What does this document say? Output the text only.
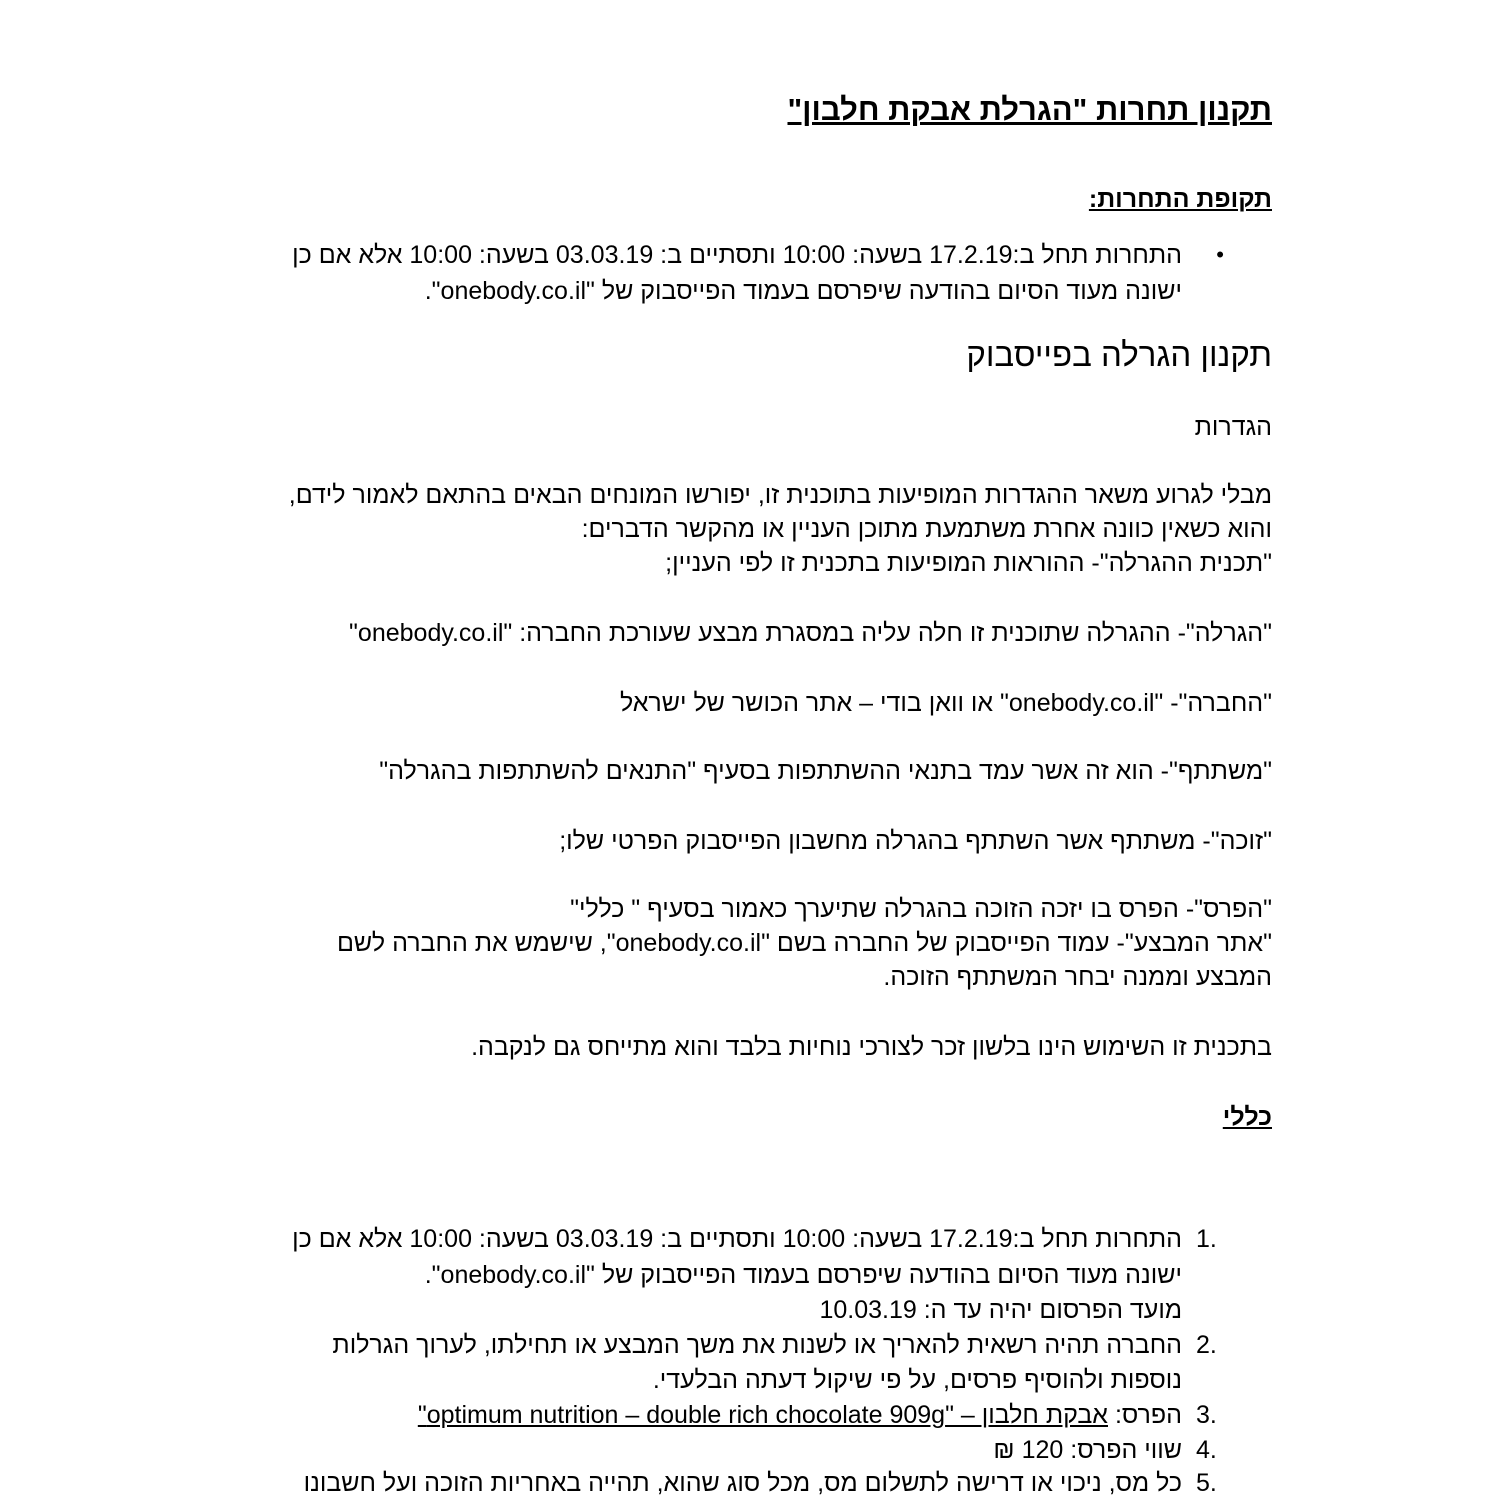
תקנון תחרות "הגרלת אבקת חלבון"
תקופת התחרות:
•
התחרות תחל ב:17.2.19 בשעה: 10:00 ותסתיים ב: 03.03.19 בשעה: 10:00 אלא אם כן
ישונה מעוד הסיום בהודעה שיפרסם בעמוד הפייסבוק של "onebody.co.il".
תקנון הגרלה בפייסבוק
הגדרות
מבלי לגרוע משאר ההגדרות המופיעות בתוכנית זו, יפורשו המונחים הבאים בהתאם לאמור לידם,
והוא כשאין כוונה אחרת משתמעת מתוכן העניין או מהקשר הדברים:
"תכנית ההגרלה"- ההוראות המופיעות בתכנית זו לפי העניין;
"הגרלה"- ההגרלה שתוכנית זו חלה עליה במסגרת מבצע שעורכת החברה: "onebody.co.il"
"החברה"- "onebody.co.il" או וואן בודי – אתר הכושר של ישראל
"משתתף"- הוא זה אשר עמד בתנאי ההשתתפות בסעיף "התנאים להשתתפות בהגרלה"
"זוכה"- משתתף אשר השתתף בהגרלה מחשבון הפייסבוק הפרטי שלו;
"הפרס"- הפרס בו יזכה הזוכה בהגרלה שתיערך כאמור בסעיף " כללי"
"אתר המבצע"- עמוד הפייסבוק של החברה בשם "onebody.co.il", שישמש את החברה לשם
המבצע וממנה יבחר המשתתף הזוכה.
בתכנית זו השימוש הינו בלשון זכר לצורכי נוחיות בלבד והוא מתייחס גם לנקבה.
כללי
1.
התחרות תחל ב:17.2.19 בשעה: 10:00 ותסתיים ב: 03.03.19 בשעה: 10:00 אלא אם כן
ישונה מעוד הסיום בהודעה שיפרסם בעמוד הפייסבוק של "onebody.co.il".
מועד הפרסום יהיה עד ה: 10.03.19
2.
החברה תהיה רשאית להאריך או לשנות את משך המבצע או תחילתו, לערוך הגרלות
נוספות ולהוסיף פרסים, על פי שיקול דעתה הבלעדי.
3.
הפרס: אבקת חלבון – "optimum nutrition – double rich chocolate 909g"
4.
שווי הפרס: 120 ₪
5.
כל מס, ניכוי או דרישה לתשלום מס, מכל סוג שהוא, תהייה באחריות הזוכה ועל חשבונו
